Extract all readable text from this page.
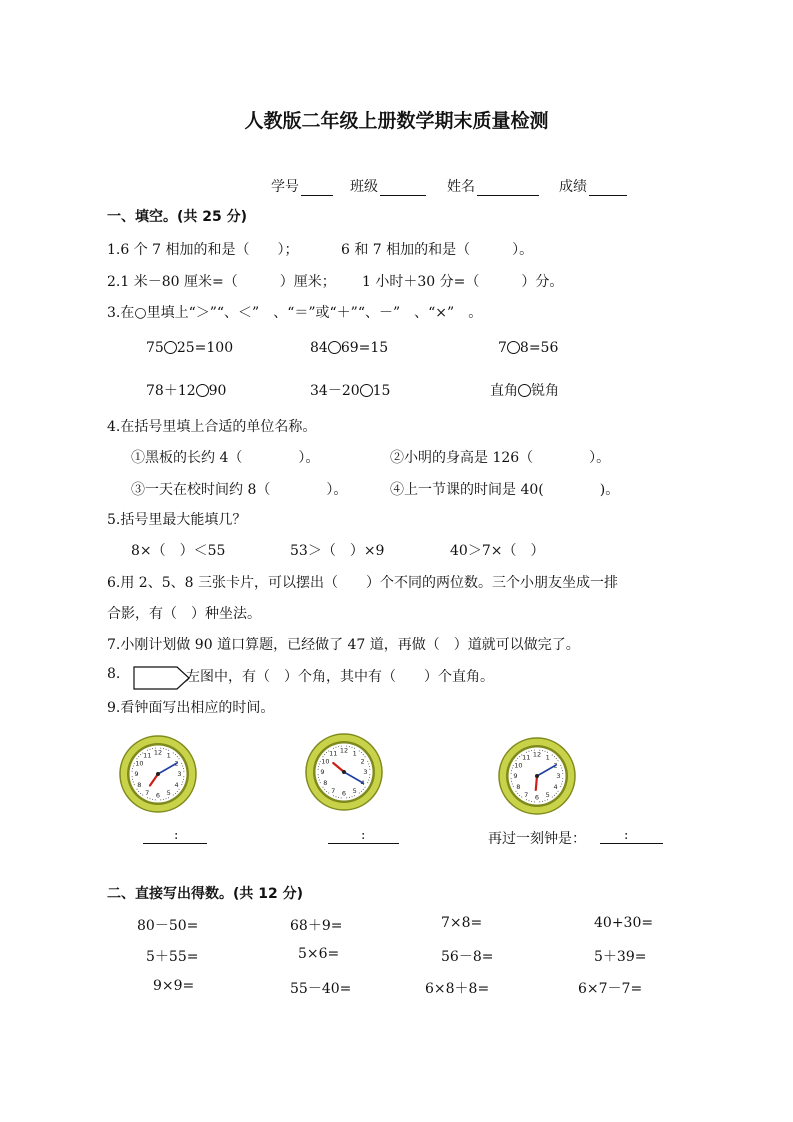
人教版二年级上册数学期末质量检测
学号	班级	姓名	成绩
一、填空。(共 25 分)
1.6 个 7 相加的和是（　　）；	6 和 7 相加的和是（　　　）。
2.1 米－80 厘米=（　　　）厘米； 1 小时＋30 分=（　　　）分。
3.在○里填上“＞”“、＜”　、“＝”或“＋”“、－”　、“×”　。
75 25=100	84 69=15	7 8=56
78＋12 90	34－20 15	直角 锐角
4.在括号里填上合适的单位名称。
①黑板的长约 4（　　　　）。	②小明的身高是 126（　　　　）。
③一天在校时间约 8（　　　　）。	④上一节课的时间是 40(　　　　)。
5.括号里最大能填几？
8×（　）＜55	53＞（　）×9	40＞7×（　）
6.用 2、5、8 三张卡片，可以摆出（　　）个不同的两位数。三个小朋友坐成一排
合影，有（　）种坐法。
7.小刚计划做 90 道口算题，已经做了 47 道，再做（　）道就可以做完了。
8.	左图中，有（　）个角，其中有（　　）个直角。
9.看钟面写出相应的时间。
1
3
4
5
6
7
8
9
10
11 12	1
2
3
5
6
7
8
9
10
11 12
1
3
4
5
6
7
8
9
10
11 12
:	:	再过一刻钟是：	:
二、直接写出得数。(共 12 分)
80－50=	68＋9=	7×8=	40+30=
5＋55=	5×6=	56－8=	5＋39=
9×9=	55－40=	6×8＋8=	6×7－7=
